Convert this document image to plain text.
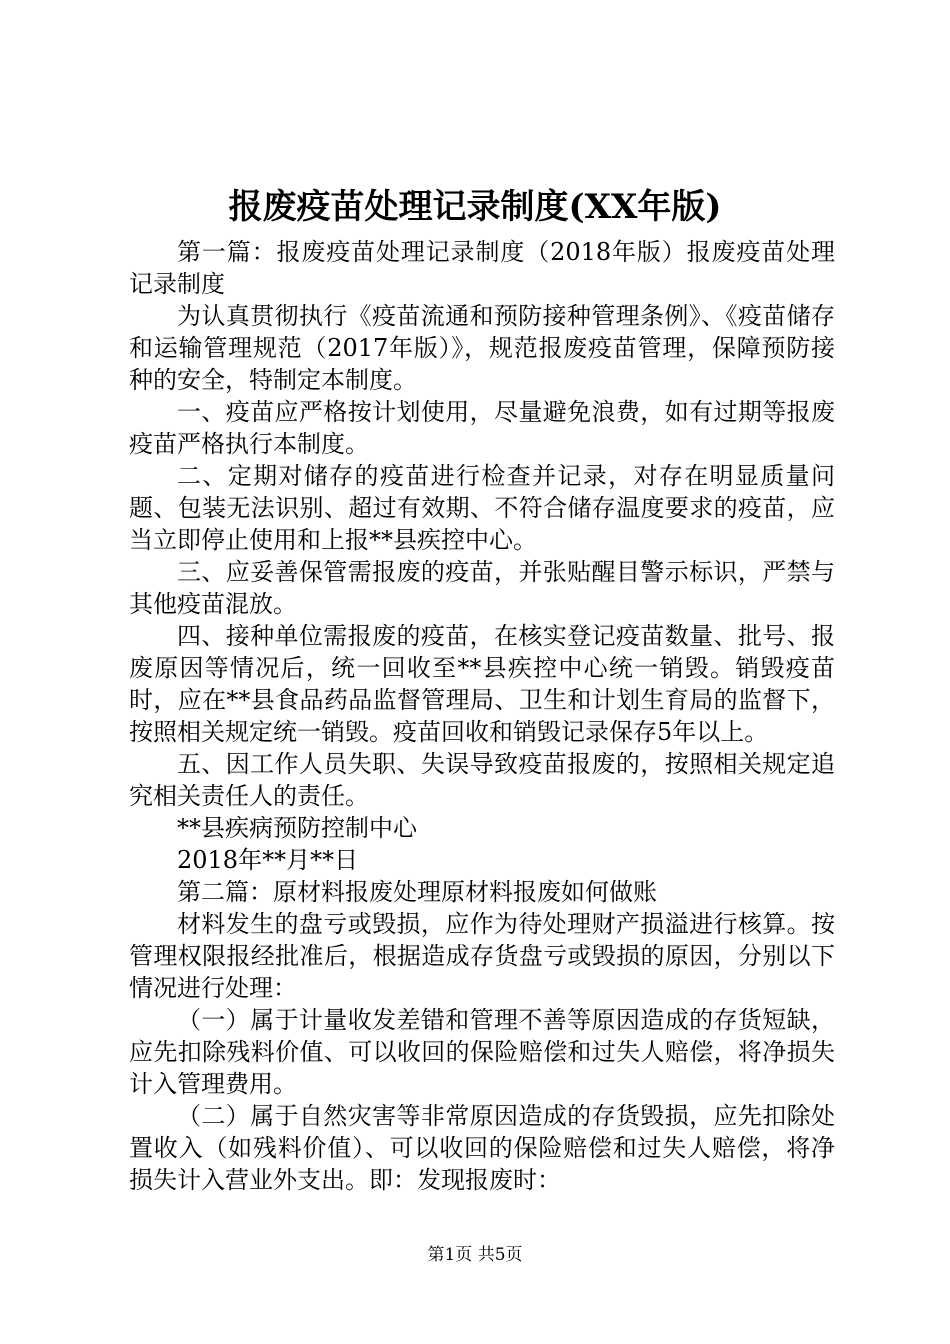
报废疫苗处理记录制度(XX年版)

第一篇：报废疫苗处理记录制度（2018年版）报废疫苗处理记录制度

为认真贯彻执行《疫苗流通和预防接种管理条例》、《疫苗储存和运输管理规范（2017年版）》，规范报废疫苗管理，保障预防接种的安全，特制定本制度。

一、疫苗应严格按计划使用，尽量避免浪费，如有过期等报废疫苗严格执行本制度。

二、定期对储存的疫苗进行检查并记录，对存在明显质量问题、包装无法识别、超过有效期、不符合储存温度要求的疫苗，应当立即停止使用和上报**县疾控中心。

三、应妥善保管需报废的疫苗，并张贴醒目警示标识，严禁与其他疫苗混放。

四、接种单位需报废的疫苗，在核实登记疫苗数量、批号、报废原因等情况后，统一回收至**县疾控中心统一销毁。销毁疫苗时，应在**县食品药品监督管理局、卫生和计划生育局的监督下，按照相关规定统一销毁。疫苗回收和销毁记录保存5年以上。

五、因工作人员失职、失误导致疫苗报废的，按照相关规定追究相关责任人的责任。

**县疾病预防控制中心

2018年**月**日

第二篇：原材料报废处理原材料报废如何做账

材料发生的盘亏或毁损，应作为待处理财产损溢进行核算。按管理权限报经批准后，根据造成存货盘亏或毁损的原因，分别以下情况进行处理：

（一）属于计量收发差错和管理不善等原因造成的存货短缺，应先扣除残料价值、可以收回的保险赔偿和过失人赔偿，将净损失计入管理费用。

（二）属于自然灾害等非常原因造成的存货毁损，应先扣除处置收入（如残料价值）、可以收回的保险赔偿和过失人赔偿，将净损失计入营业外支出。即：发现报废时：

第1页 共5页
